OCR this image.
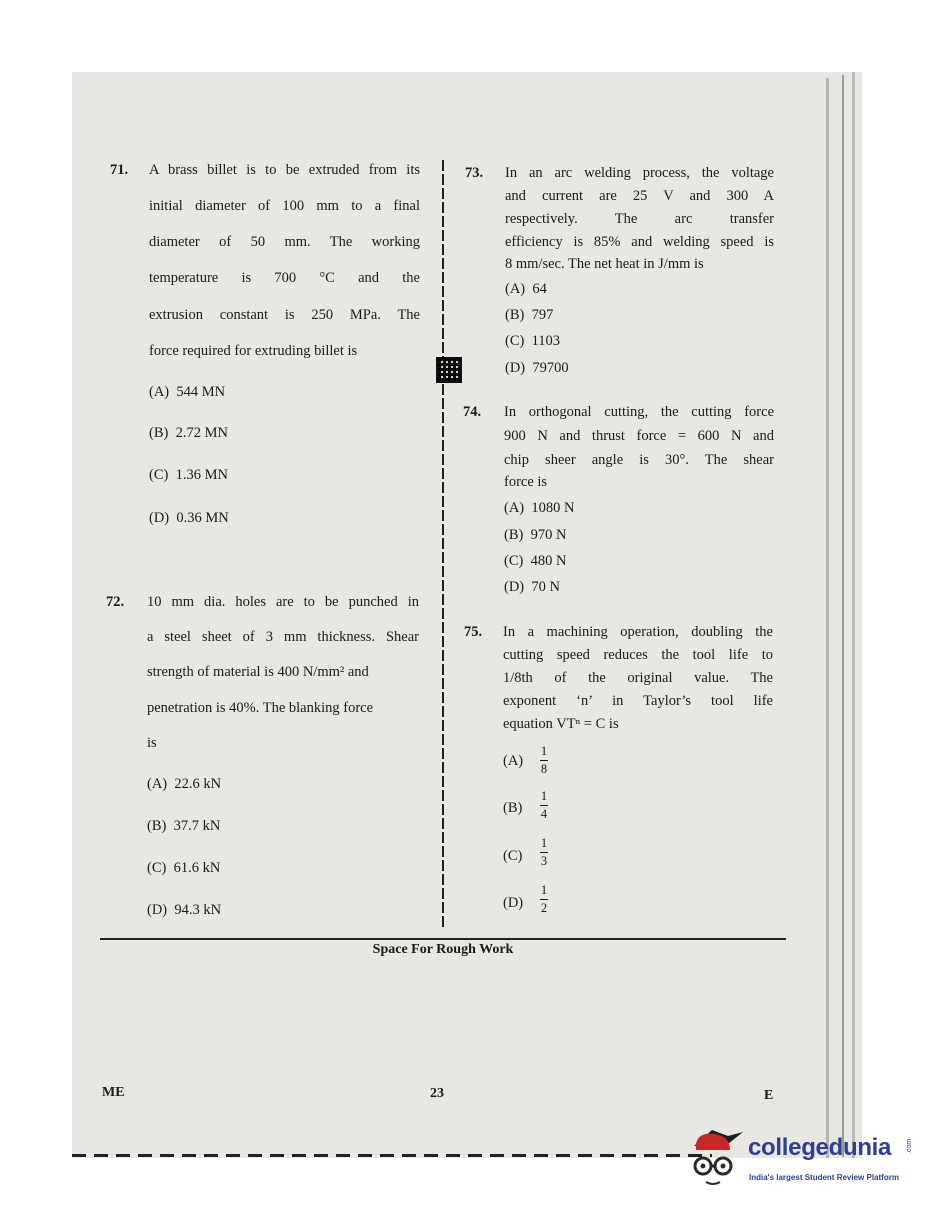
71. A brass billet is to be extruded from its
initial diameter of 100 mm to a final
diameter of 50 mm. The working
temperature is 700 °C and the
extrusion constant is 250 MPa. The
force required for extruding billet is
(A) 544 MN
(B) 2.72 MN
(C) 1.36 MN
(D) 0.36 MN
72. 10 mm dia. holes are to be punched in
a steel sheet of 3 mm thickness. Shear
strength of material is 400 N/mm² and
penetration is 40%. The blanking force
is
(A) 22.6 kN
(B) 37.7 kN
(C) 61.6 kN
(D) 94.3 kN
73. In an arc welding process, the voltage
and current are 25 V and 300 A
respectively. The arc transfer
efficiency is 85% and welding speed is
8 mm/sec. The net heat in J/mm is
(A) 64
(B) 797
(C) 1103
(D) 79700
74. In orthogonal cutting, the cutting force
900 N and thrust force = 600 N and
chip sheer angle is 30°. The shear
force is
(A) 1080 N
(B) 970 N
(C) 480 N
(D) 70 N
75. In a machining operation, doubling the
cutting speed reduces the tool life to
1/8th of the original value. The
exponent ‘n’ in Taylor’s tool life
equation VTⁿ = C is
(A)
1
8
(B)
1
4
(C)
1
3
(D)
1
2
Space For Rough Work
ME	23	E
collegedunia .com
India's largest Student Review Platform
